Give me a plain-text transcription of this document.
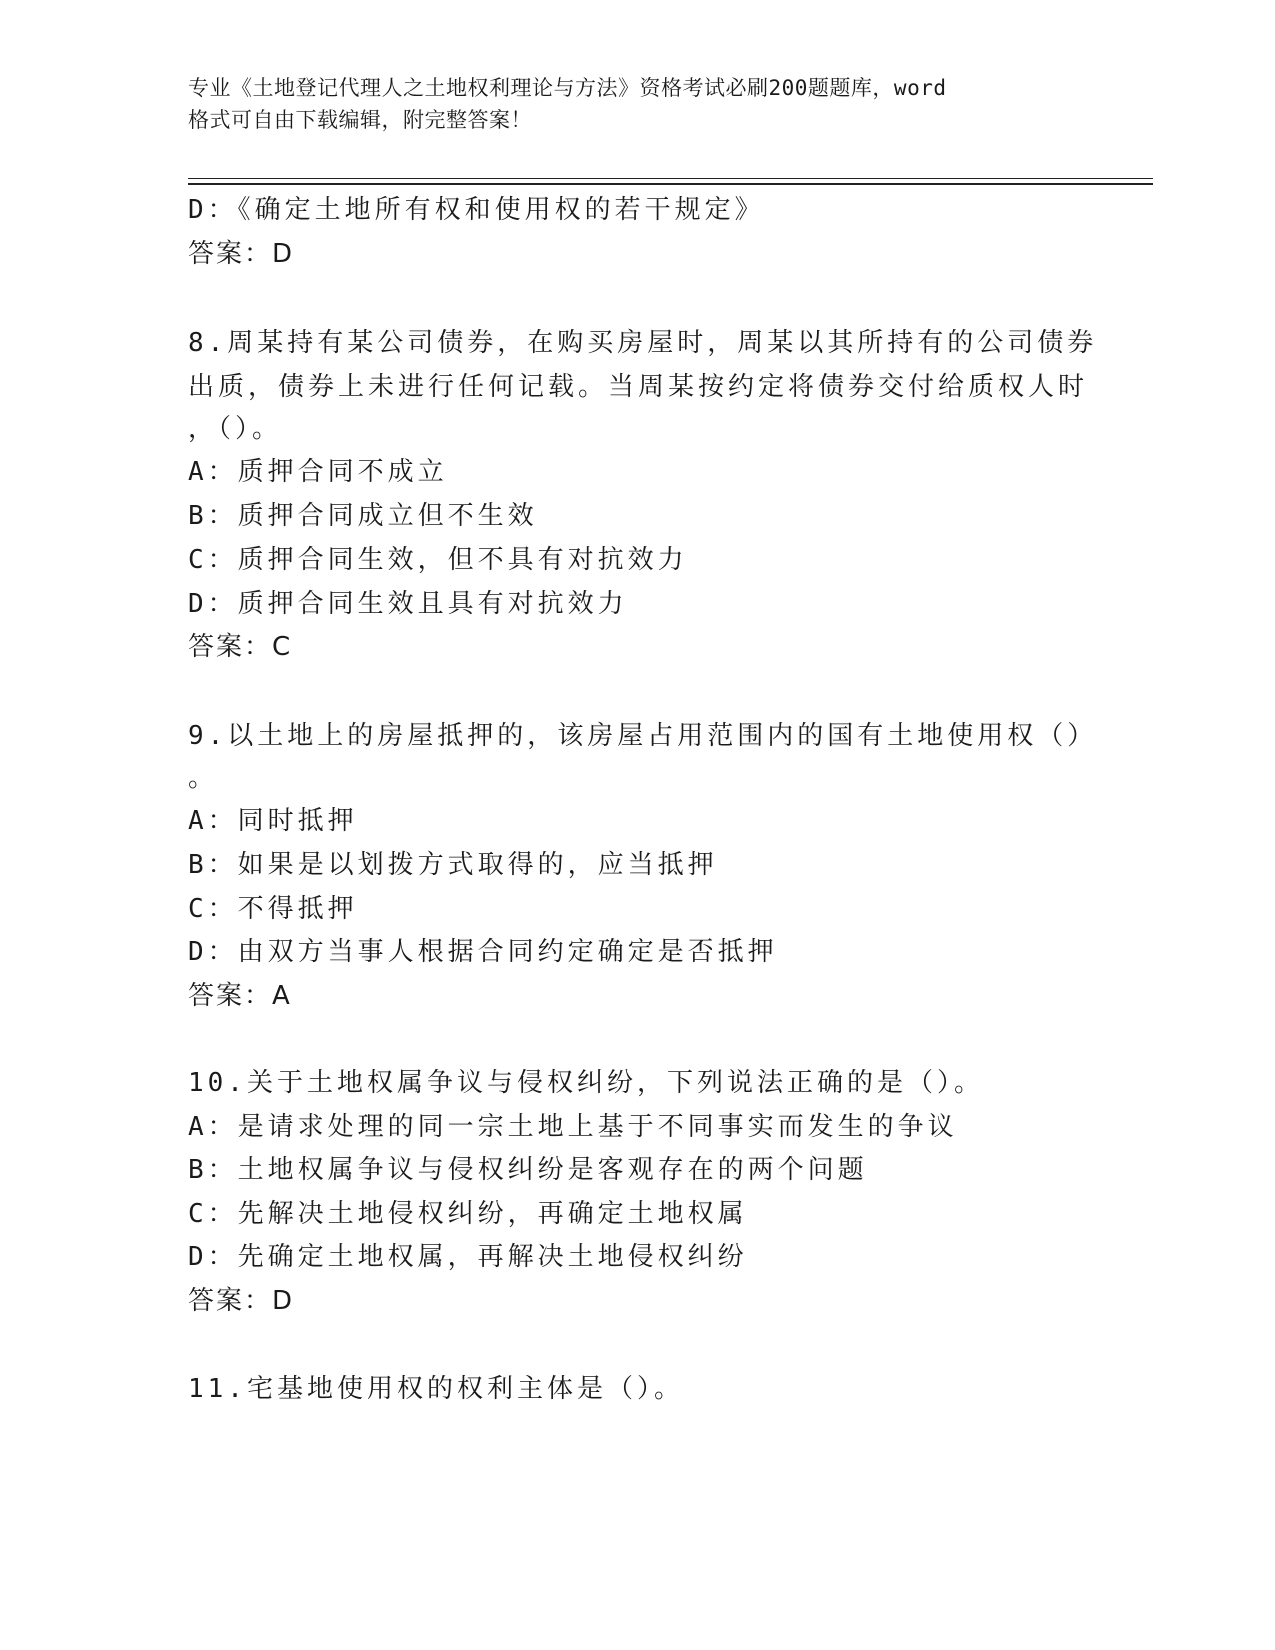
专业《土地登记代理人之土地权利理论与方法》资格考试必刷200题题库，word
格式可自由下载编辑，附完整答案！
D：《确定土地所有权和使用权的若干规定》
答案：D
8.周某持有某公司债券，在购买房屋时，周某以其所持有的公司债券
出质，债券上未进行任何记载。当周某按约定将债券交付给质权人时
，（）。
A：质押合同不成立
B：质押合同成立但不生效
C：质押合同生效，但不具有对抗效力
D：质押合同生效且具有对抗效力
答案：C
9.以土地上的房屋抵押的，该房屋占用范围内的国有土地使用权（）
。
A：同时抵押
B：如果是以划拨方式取得的，应当抵押
C：不得抵押
D：由双方当事人根据合同约定确定是否抵押
答案：A
10.关于土地权属争议与侵权纠纷，下列说法正确的是（）。
A：是请求处理的同一宗土地上基于不同事实而发生的争议
B：土地权属争议与侵权纠纷是客观存在的两个问题
C：先解决土地侵权纠纷，再确定土地权属
D：先确定土地权属，再解决土地侵权纠纷
答案：D
11.宅基地使用权的权利主体是（）。
